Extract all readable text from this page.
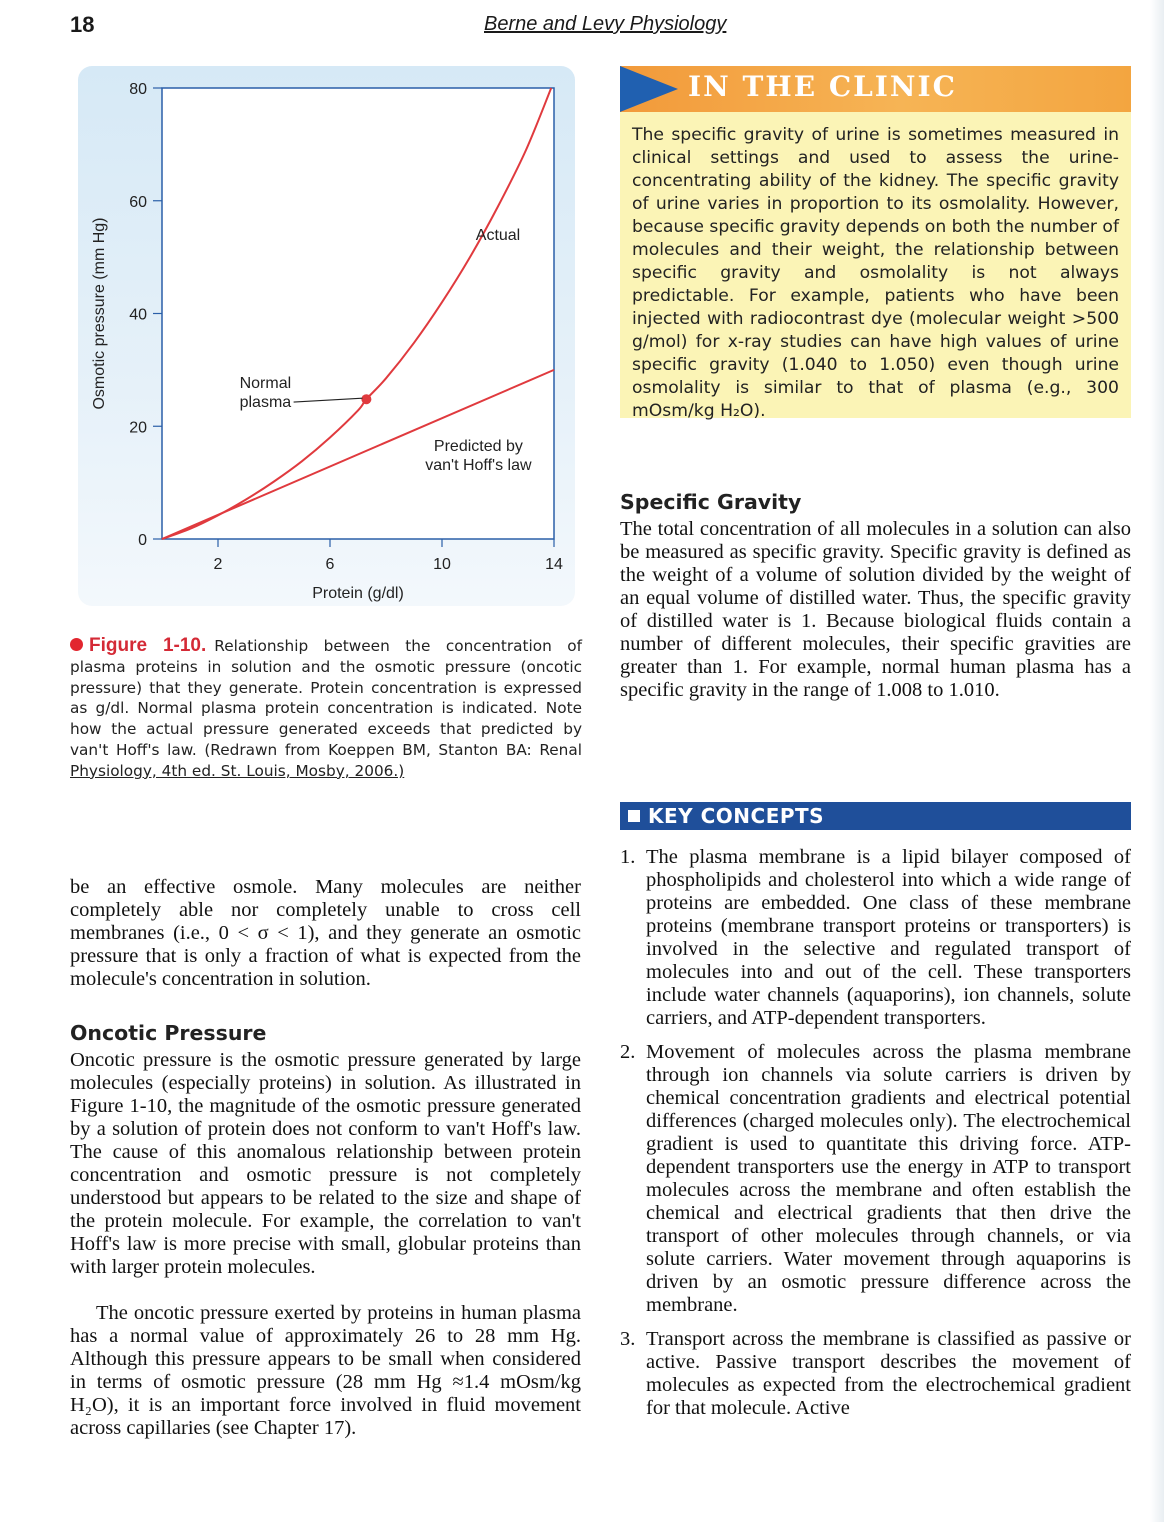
18	Berne and Levy Physiology
0
20
40
60
80
2	6	10	14
Protein (g/dl)
Osmotic pressure (mm Hg)	Actual
Predicted by
van't Hoff's law
Normal
plasma
Figure 1-10. Relationship between the concentration of plasma proteins in solution and the osmotic pressure (oncotic pressure) that they generate. Protein concentration is expressed as g/dl. Normal plasma protein concentration is indicated. Note how the actual pressure generated exceeds that predicted by van't Hoff's law. (Redrawn from Koeppen BM, Stanton BA: Renal Physiology, 4th ed. St. Louis, Mosby, 2006.)
be an effective osmole. Many molecules are neither completely able nor completely unable to cross cell membranes (i.e., 0 < σ < 1), and they generate an osmotic pressure that is only a fraction of what is expected from the molecule's concentration in solution.
Oncotic Pressure
Oncotic pressure is the osmotic pressure generated by large molecules (especially proteins) in solution. As illustrated in Figure 1-10, the magnitude of the osmotic pressure generated by a solution of protein does not conform to van't Hoff's law. The cause of this anomalous relationship between protein concentration and osmotic pressure is not completely understood but appears to be related to the size and shape of the protein molecule. For example, the correlation to van't Hoff's law is more precise with small, globular proteins than with larger protein molecules.
The oncotic pressure exerted by proteins in human plasma has a normal value of approximately 26 to 28 mm Hg. Although this pressure appears to be small when considered in terms of osmotic pressure (28 mm Hg ≈1.4 mOsm/kg H₂O), it is an important force involved in fluid movement across capillaries (see Chapter 17).
IN THE CLINIC
The specific gravity of urine is sometimes measured in clinical settings and used to assess the urine-concentrating ability of the kidney. The specific gravity of urine varies in proportion to its osmolality. However, because specific gravity depends on both the number of molecules and their weight, the relationship between specific gravity and osmolality is not always predictable. For example, patients who have been injected with radiocontrast dye (molecular weight >500 g/mol) for x-ray studies can have high values of urine specific gravity (1.040 to 1.050) even though urine osmolality is similar to that of plasma (e.g., 300 mOsm/kg H₂O).
Specific Gravity
The total concentration of all molecules in a solution can also be measured as specific gravity. Specific gravity is defined as the weight of a volume of solution divided by the weight of an equal volume of distilled water. Thus, the specific gravity of distilled water is 1. Because biological fluids contain a number of different molecules, their specific gravities are greater than 1. For example, normal human plasma has a specific gravity in the range of 1.008 to 1.010.
KEY CONCEPTS
1. The plasma membrane is a lipid bilayer composed of phospholipids and cholesterol into which a wide range of proteins are embedded. One class of these membrane proteins (membrane transport proteins or transporters) is involved in the selective and regulated transport of molecules into and out of the cell. These transporters include water channels (aquaporins), ion channels, solute carriers, and ATP-dependent transporters.
2. Movement of molecules across the plasma membrane through ion channels via solute carriers is driven by chemical concentration gradients and electrical potential differences (charged molecules only). The electrochemical gradient is used to quantitate this driving force. ATP-dependent transporters use the energy in ATP to transport molecules across the membrane and often establish the chemical and electrical gradients that then drive the transport of other molecules through channels, or via solute carriers. Water movement through aquaporins is driven by an osmotic pressure difference across the membrane.
3. Transport across the membrane is classified as passive or active. Passive transport describes the movement of molecules as expected from the electrochemical gradient for that molecule. Active
